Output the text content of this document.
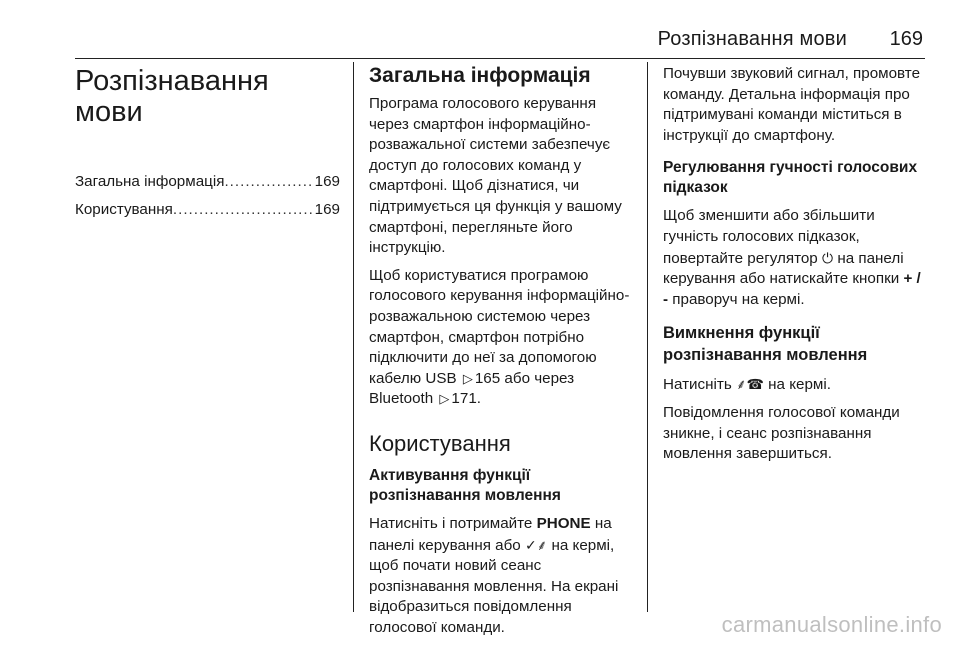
Розпізнавання мови 169
Розпізнавання мови
Загальна інформація .....	169
Користування .....	169
Загальна інформація

Програма голосового керування через смартфон інформаційно-розважальної системи забезпечує доступ до голосових команд у смартфоні. Щоб дізнатися, чи підтримується ця функція у вашому смартфоні, перегляньте його інструкцію.

Щоб користуватися програмою голосового керування інформаційно-розважальною системою через смартфон, смартфон потрібно підключити до неї за допомогою кабелю USB ▷ 165 або через Bluetooth ▷ 171.

Користування
Активування функції розпізнавання мовлення

Натисніть і потримайте PHONE на панелі керування або ✓⸙ на кермі, щоб почати новий сеанс розпізнавання мовлення. На екрані відобразиться повідомлення голосової команди.

Почувши звуковий сигнал, промовте команду. Детальна інформація про підтримувані команди міститься в інструкції до смартфону.

Регулювання гучності голосових підказок

Щоб зменшити або збільшити гучність голосових підказок, повертайте регулятор ⏻ на панелі керування або натискайте кнопки + / - праворуч на кермі.

Вимкнення функції розпізнавання мовлення

Натисніть ⸙☎ на кермі.

Повідомлення голосової команди зникне, і сеанс розпізнавання мовлення завершиться.

carmanualsonline.info
